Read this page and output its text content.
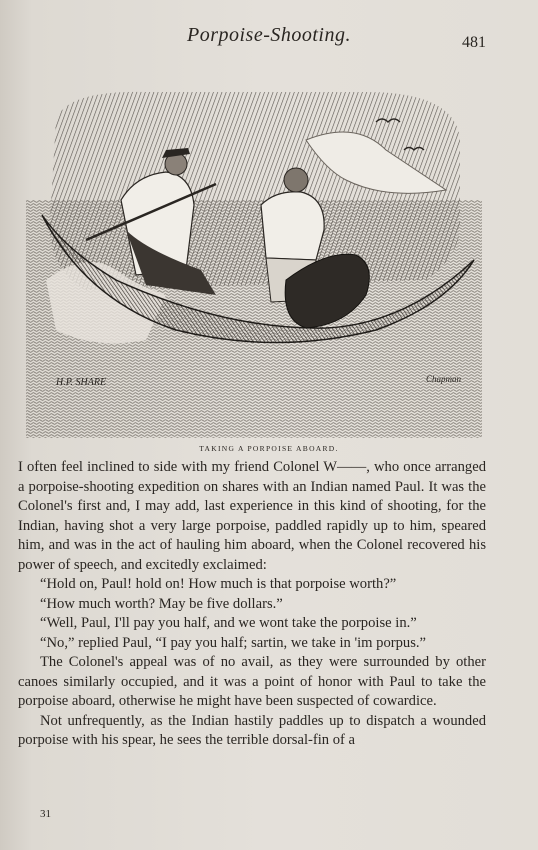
Porpoise-Shooting.	481
H.P. SHARE	Chapman
TAKING A PORPOISE ABOARD.

I often feel inclined to side with my friend Colonel W——, who once arranged a porpoise-shooting expedition on shares with an Indian named Paul. It was the Colonel's first and, I may add, last experience in this kind of shooting, for the Indian, having shot a very large porpoise, paddled rapidly up to him, speared him, and was in the act of hauling him aboard, when the Colonel recovered his power of speech, and excitedly exclaimed:

“Hold on, Paul! hold on! How much is that porpoise worth?”

“How much worth? May be five dollars.”

“Well, Paul, I'll pay you half, and we wont take the porpoise in.”

“No,” replied Paul, “I pay you half; sartin, we take in 'im porpus.”

The Colonel's appeal was of no avail, as they were surrounded by other canoes similarly occupied, and it was a point of honor with Paul to take the porpoise aboard, otherwise he might have been suspected of cowardice.

Not unfrequently, as the Indian hastily paddles up to dispatch a wounded porpoise with his spear, he sees the terrible dorsal-fin of a

31
